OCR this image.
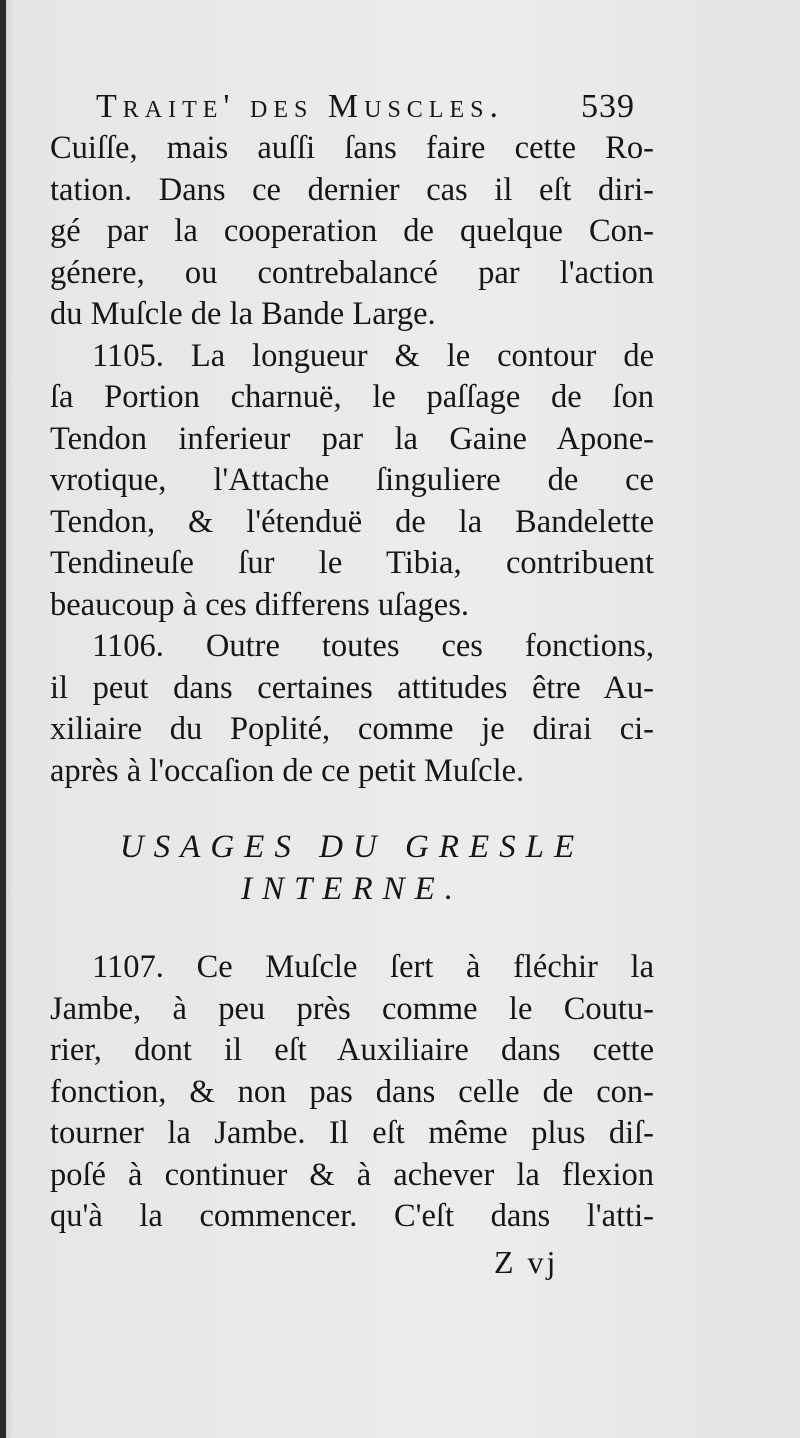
Traite' des Muscles. 539
Cuiſſe, mais auſſi ſans faire cette Ro-
tation. Dans ce dernier cas il eſt diri-
gé par la cooperation de quelque Con-
génere, ou contrebalancé par l'action
du Muſcle de la Bande Large.
1105. La longueur & le contour de
ſa Portion charnuë, le paſſage de ſon
Tendon inferieur par la Gaine Apone-
vrotique, l'Attache ſinguliere de ce
Tendon, & l'étenduë de la Bandelette
Tendineuſe ſur le Tibia, contribuent
beaucoup à ces differens uſages.
1106. Outre toutes ces fonctions,
il peut dans certaines attitudes être Au-
xiliaire du Poplité, comme je dirai ci-
après à l'occaſion de ce petit Muſcle.
USAGES DU GRESLE
INTERNE.
1107. Ce Muſcle ſert à fléchir la
Jambe, à peu près comme le Coutu-
rier, dont il eſt Auxiliaire dans cette
fonction, & non pas dans celle de con-
tourner la Jambe. Il eſt même plus diſ-
poſé à continuer & à achever la flexion
qu'à la commencer. C'eſt dans l'atti-
Z vj
